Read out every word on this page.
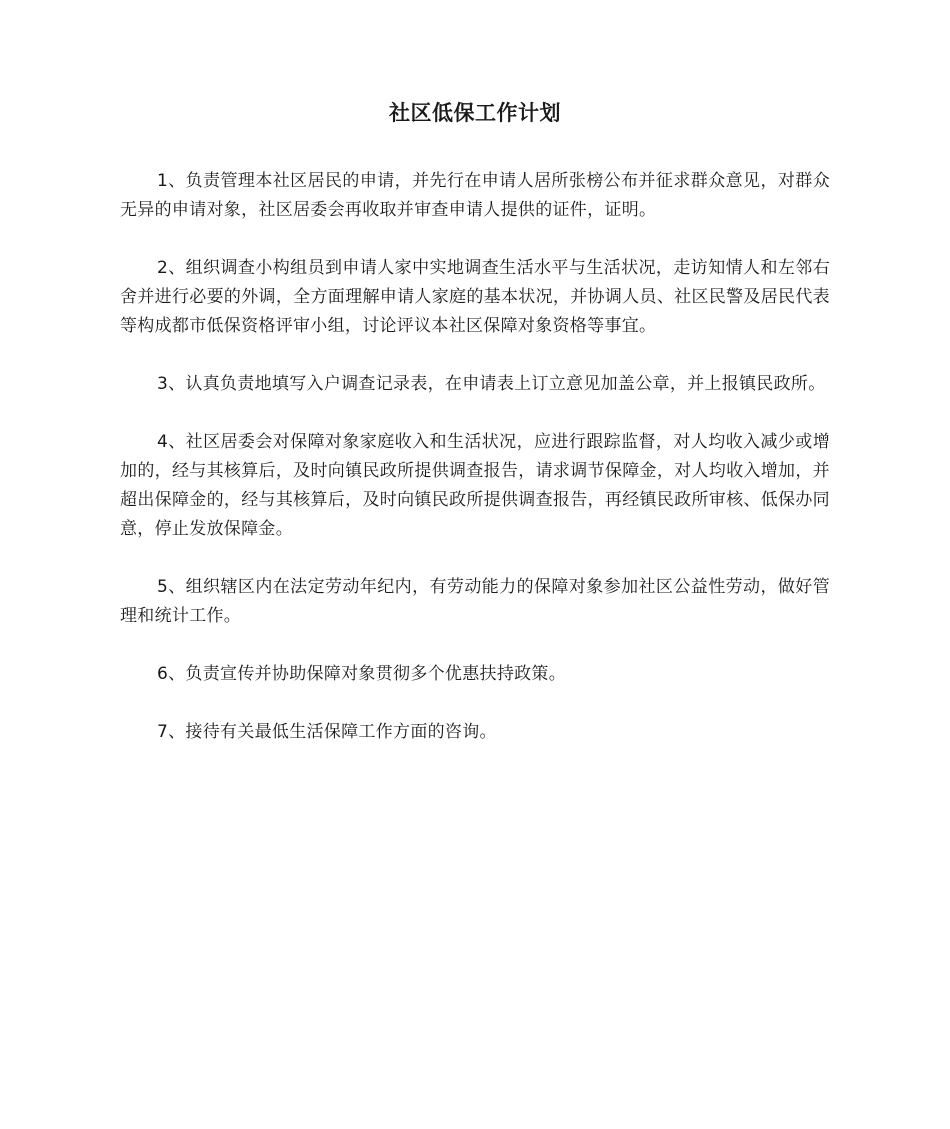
社区低保工作计划

1、负责管理本社区居民的申请，并先行在申请人居所张榜公布并征求群众意见，对群众无异的申请对象，社区居委会再收取并审查申请人提供的证件，证明。

2、组织调查小构组员到申请人家中实地调查生活水平与生活状况，走访知情人和左邻右舍并进行必要的外调，全方面理解申请人家庭的基本状况，并协调人员、社区民警及居民代表等构成都市低保资格评审小组，讨论评议本社区保障对象资格等事宜。

3、认真负责地填写入户调查记录表，在申请表上订立意见加盖公章，并上报镇民政所。

4、社区居委会对保障对象家庭收入和生活状况，应进行跟踪监督，对人均收入减少或增加的，经与其核算后，及时向镇民政所提供调查报告，请求调节保障金，对人均收入增加，并超出保障金的，经与其核算后，及时向镇民政所提供调查报告，再经镇民政所审核、低保办同意，停止发放保障金。

5、组织辖区内在法定劳动年纪内，有劳动能力的保障对象参加社区公益性劳动，做好管理和统计工作。

6、负责宣传并协助保障对象贯彻多个优惠扶持政策。

7、接待有关最低生活保障工作方面的咨询。
